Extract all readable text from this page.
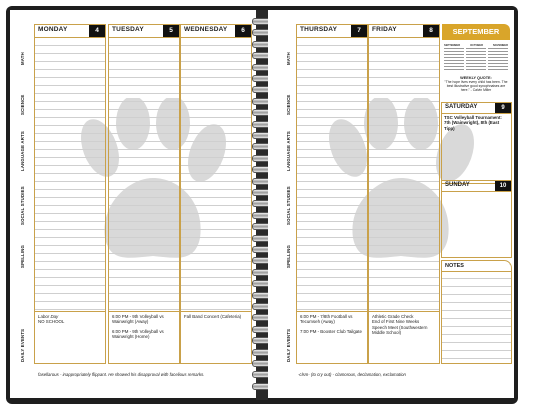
MATH
SCIENCE
LANGUAGE ARTS
SOCIAL STUDIES
SPELLING
DAILY EVENTS
MONDAY	4

Labor Day
NO SCHOOL

TUESDAY	5

6:00 PM - 9th Volleyball vs Wainwright (Away)

6:00 PM - 9th Volleyball vs Wainwright (Home)

WEDNESDAY	6

Fall Band Concert (Cafeteria)

fasellarous - inappropriately flippant. He showed his disapproval with facelious remarks.
MATH
SCIENCE
LANGUAGE ARTS
SOCIAL STUDIES
SPELLING
DAILY EVENTS
THURSDAY	7

6:00 PM - 7/8th Football vs Tecumseh (Away)

7:00 PM - Booster Club Tailgate

FRIDAY	8

Athletic Grade Check
End of First Nine Weeks
Speech Meet (Southwestern Middle School)

SEPTEMBER
SEPTEMBER	OCTOBER	NOVEMBER
WEEKLY QUOTE:
"The hope lives every child has been. The best illustrative good synophnaises are here." - Calvin Miller
SATURDAY	9
TSC Volleyball Tournament: 7th (Wainwright), 8th (East Tipp)
SUNDAY	10
NOTES
-clsm- (to cry out) - clamorous, declamation, exclamation
